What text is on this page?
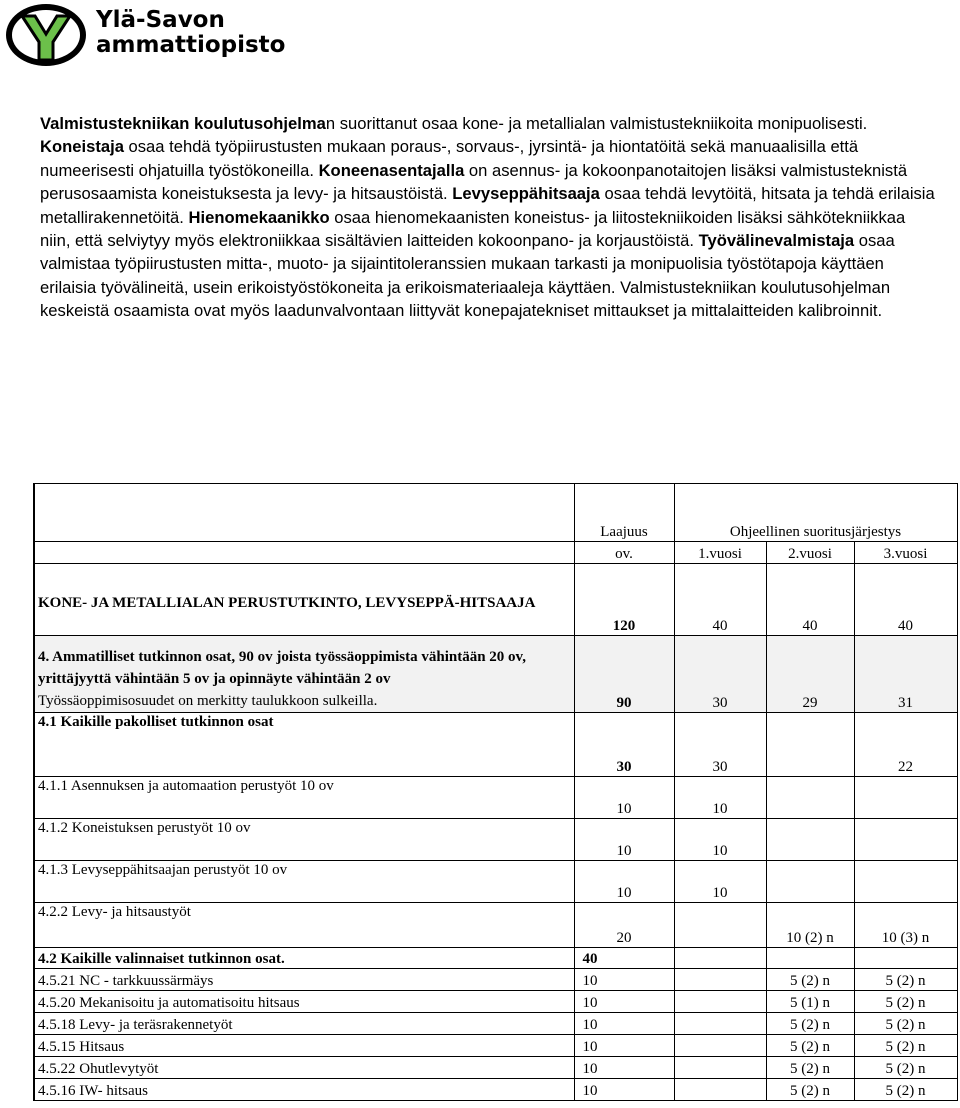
Ylä-Savon
ammattiopisto

Valmistustekniikan koulutusohjelman suorittanut osaa kone- ja metallialan valmistustekniikoita monipuolisesti. Koneistaja osaa tehdä työpiirustusten mukaan poraus-, sorvaus-, jyrsintä- ja hiontatöitä sekä manuaalisilla että numeerisesti ohjatuilla työstökoneilla. Koneenasentajalla on asennus- ja kokoonpanotaitojen lisäksi valmistusteknistä perusosaamista koneistuksesta ja levy- ja hitsaustöistä. Levyseppähitsaaja osaa tehdä levytöitä, hitsata ja tehdä erilaisia metallirakennetöitä. Hienomekaanikko osaa hienomekaanisten koneistus- ja liitostekniikoiden lisäksi sähkötekniikkaa niin, että selviytyy myös elektroniikkaa sisältävien laitteiden kokoonpano- ja korjaustöistä. Työvälinevalmistaja osaa valmistaa työpiirustusten mitta-, muoto- ja sijaintitoleranssien mukaan tarkasti ja monipuolisia työstötapoja käyttäen erilaisia työvälineitä, usein erikoistyöstökoneita ja erikoismateriaaleja käyttäen. Valmistustekniikan koulutusohjelman keskeistä osaamista ovat myös laadunvalvontaan liittyvät konepajatekniset mittaukset ja mittalaitteiden kalibroinnit.

	Laajuus	Ohjeellinen suoritusjärjestys		
	ov.	1.vuosi	2.vuosi	3.vuosi
KONE- JA METALLIALAN PERUSTUTKINTO, LEVYSEPPÄ-HITSAAJA	120	40	40	40

4. Ammatilliset tutkinnon osat, 90 ov joista työssäoppimista vähintään 20 ov, yrittäjyyttä vähintään 5 ov ja opinnäyte vähintään 2 ov
Työssäoppimisosuudet on merkitty taulukkoon sulkeilla.	90	30	29	31
4.1 Kaikille pakolliset tutkinnon osat	30	30		22
4.1.1 Asennuksen ja automaation perustyöt 10 ov	10	10		
4.1.2 Koneistuksen perustyöt 10 ov	10	10		
4.1.3 Levyseppähitsaajan perustyöt 10 ov	10	10		
4.2.2 Levy- ja hitsaustyöt	20		10 (2) n	10 (3) n
4.2 Kaikille valinnaiset tutkinnon osat.	40			
4.5.21 NC - tarkkuussärmäys	10		5 (2) n	5 (2) n
4.5.20 Mekanisoitu ja automatisoitu hitsaus	10		5 (1) n	5 (2) n
4.5.18 Levy- ja teräsrakennetyöt	10		5 (2) n	5 (2) n
4.5.15 Hitsaus	10		5 (2) n	5 (2) n
4.5.22 Ohutlevytyöt	10		5 (2) n	5 (2) n
4.5.16 IW- hitsaus	10		5 (2) n	5 (2) n
